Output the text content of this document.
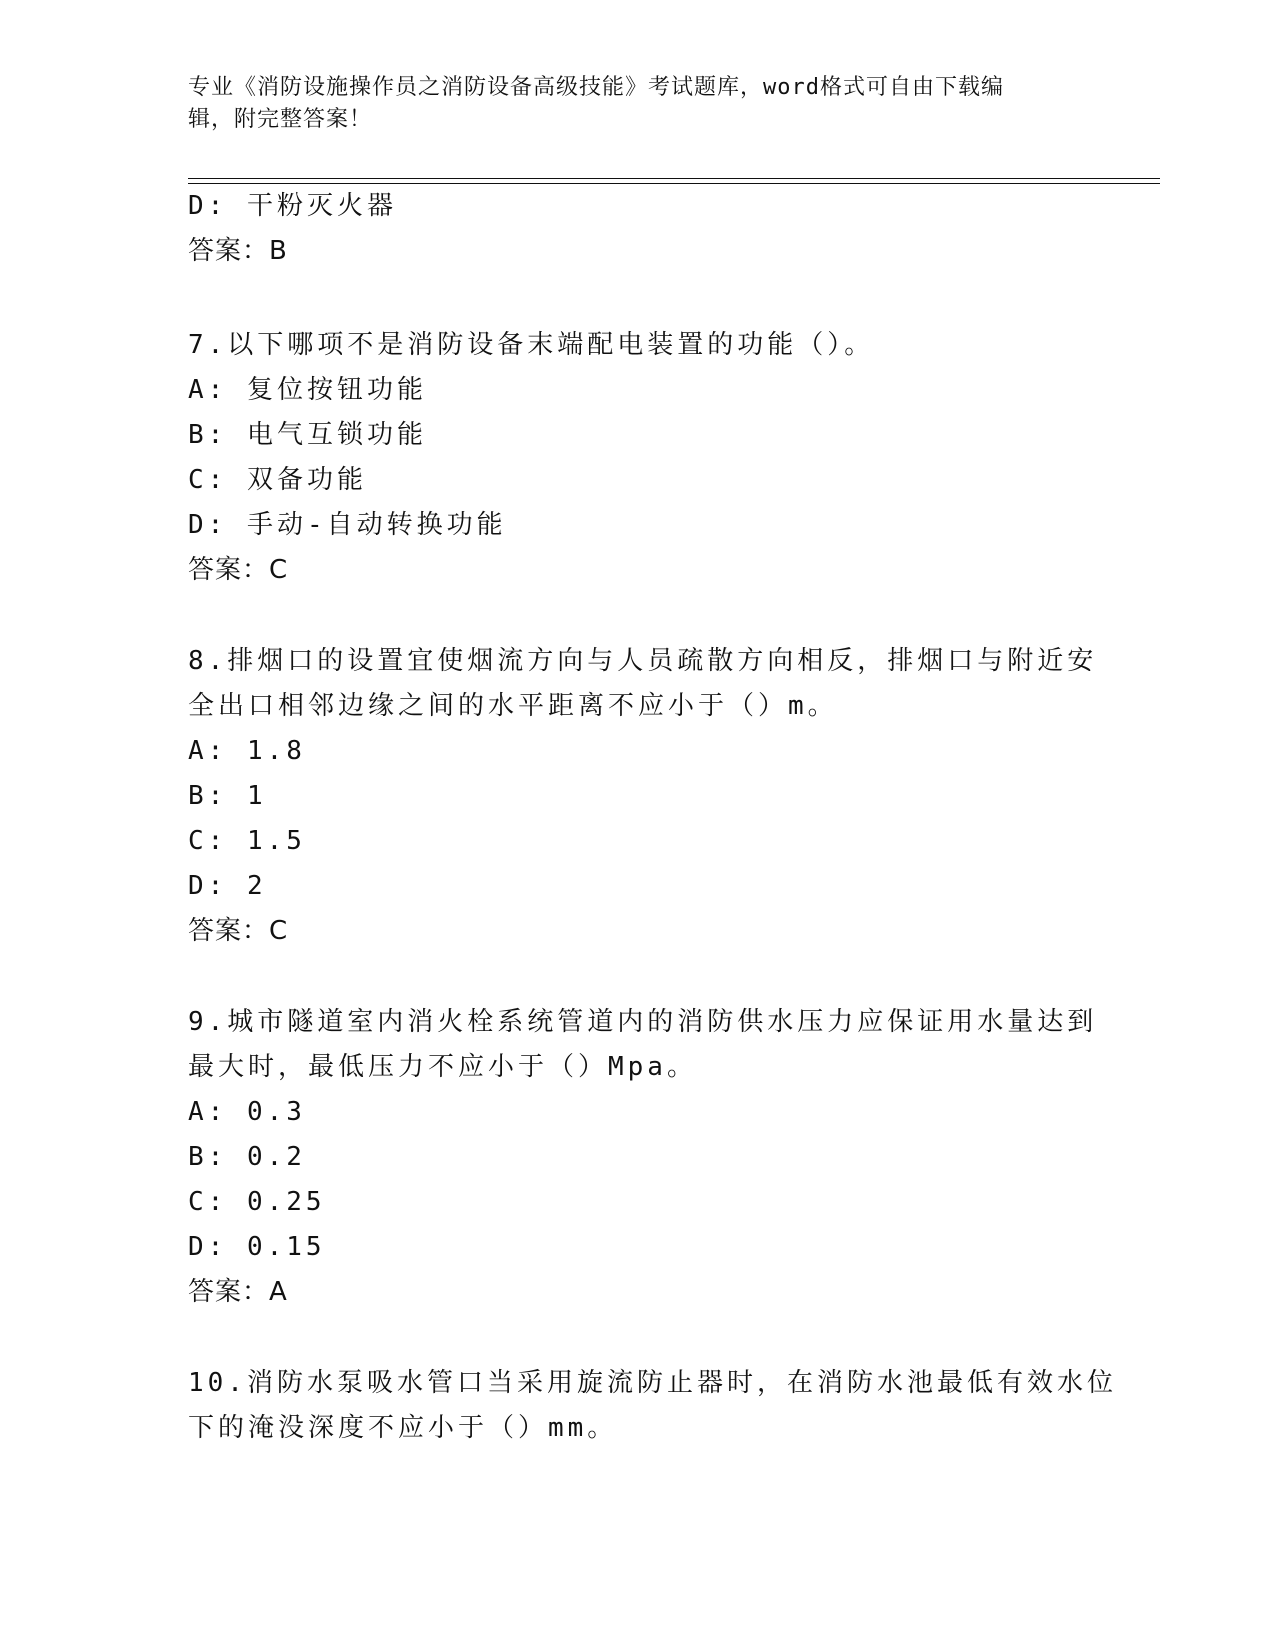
专业《消防设施操作员之消防设备高级技能》考试题库，word格式可自由下载编
辑，附完整答案！
D: 干粉灭火器
答案：B
7.以下哪项不是消防设备末端配电装置的功能（）。
A: 复位按钮功能
B: 电气互锁功能
C: 双备功能
D: 手动-自动转换功能
答案：C
8.排烟口的设置宜使烟流方向与人员疏散方向相反，排烟口与附近安
全出口相邻边缘之间的水平距离不应小于（）m。
A: 1.8
B: 1
C: 1.5
D: 2
答案：C
9.城市隧道室内消火栓系统管道内的消防供水压力应保证用水量达到
最大时，最低压力不应小于（）Mpa。
A: 0.3
B: 0.2
C: 0.25
D: 0.15
答案：A
10.消防水泵吸水管口当采用旋流防止器时，在消防水池最低有效水位
下的淹没深度不应小于（）mm。
